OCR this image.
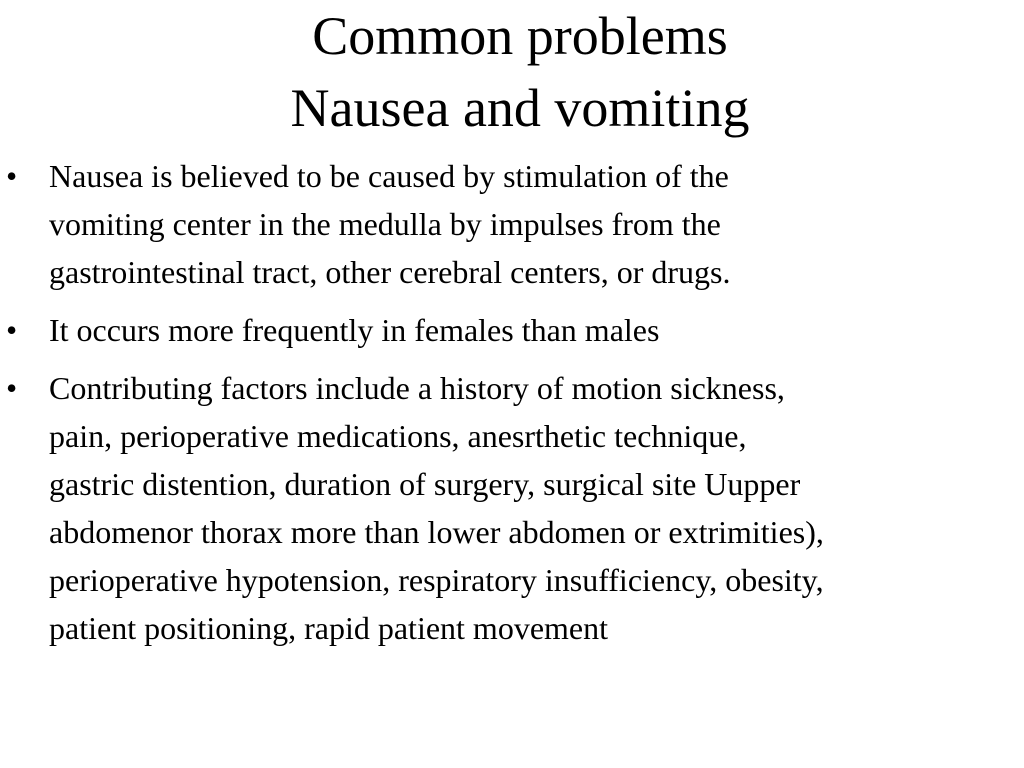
Common problems
Nausea and vomiting
• Nausea is believed to be caused by stimulation of the
vomiting center in the medulla by impulses from the
gastrointestinal tract, other cerebral centers, or drugs.
• It occurs more frequently in females than males
• Contributing factors include a history of motion sickness,
pain, perioperative medications, anesrthetic technique,
gastric distention, duration of surgery, surgical site Uupper
abdomenor thorax more than lower abdomen or extrimities),
perioperative hypotension, respiratory insufficiency, obesity,
patient positioning, rapid patient movement
